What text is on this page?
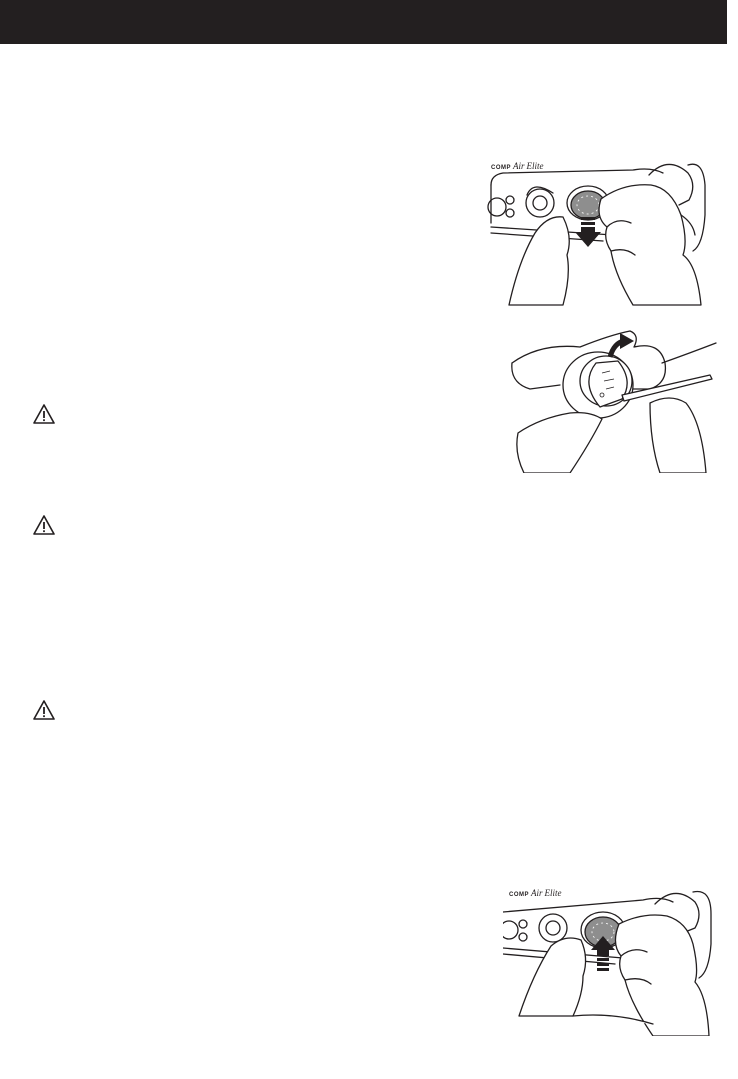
COMP Air Elite
COMP Air Elite
